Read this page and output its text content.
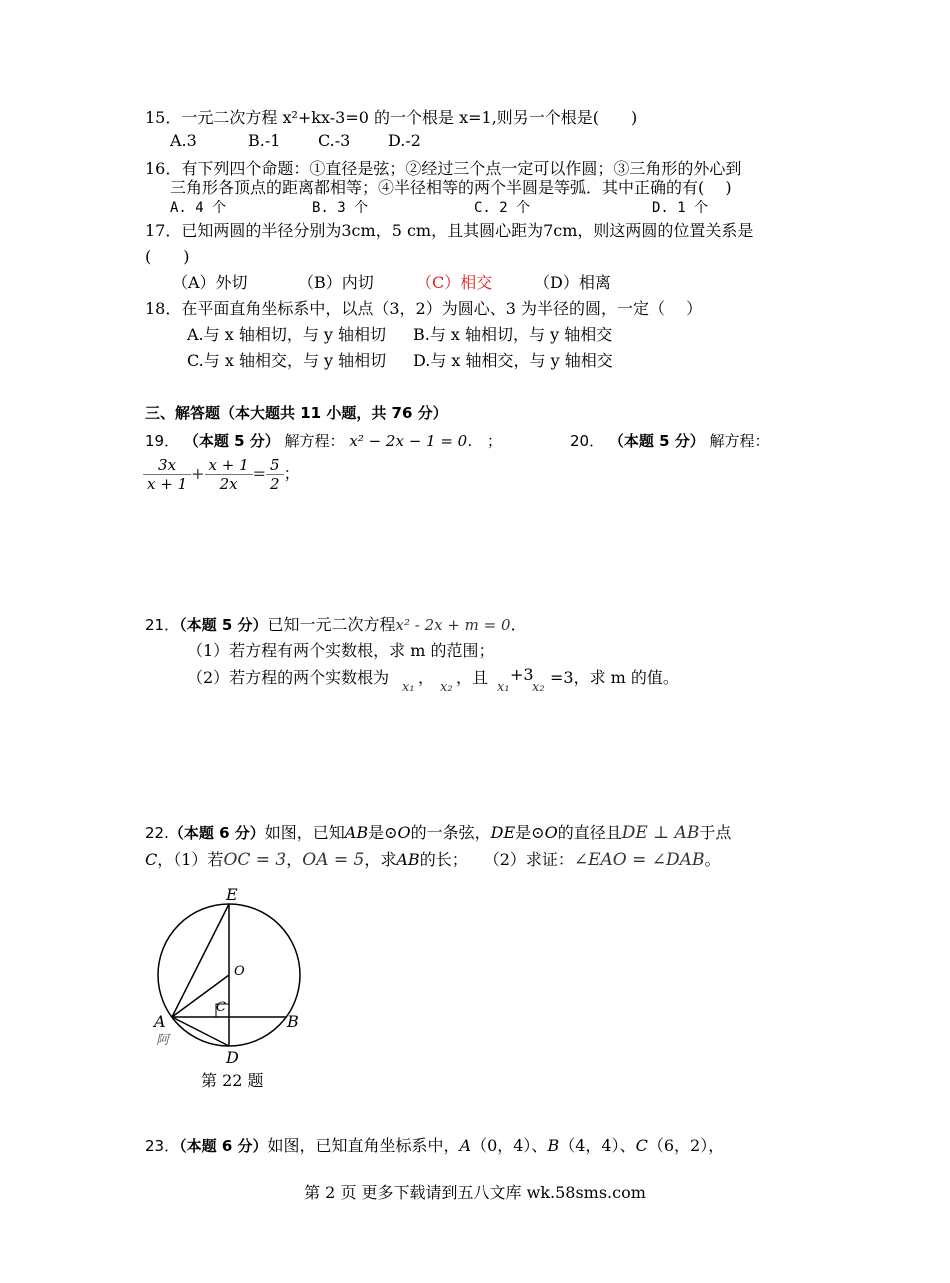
15．一元二次方程 x²+kx-3=0 的一个根是 x=1,则另一个根是(　　)
A.3	B.-1 C.-3 D.-2
16．有下列四个命题：①直径是弦；②经过三个点一定可以作圆；③三角形的外心到
三角形各顶点的距离都相等；④半径相等的两个半圆是等弧．其中正确的有(　 )
A. 4 个	B. 3 个	C. 2 个	D. 1 个
17．已知两圆的半径分别为3cm，5 cm，且其圆心距为7cm，则这两圆的位置关系是
(　　)
（A）外切	（B）内切	（C）相交	（D）相离
18．在平面直角坐标系中，以点（3，2）为圆心、3 为半径的圆，一定（　 ）
A.与 x 轴相切，与 y 轴相切 B.与 x 轴相切，与 y 轴相交
C.与 x 轴相交，与 y 轴相切 D.与 x 轴相交，与 y 轴相交
三、解答题（本大题共 11 小题，共 76 分）
19． （本题 5 分） 解方程： x² − 2x − 1 = 0． ；	20． （本题 5 分） 解方程：
$\frac{3x}{x + 1} + \frac{x + 1}{2x} = \frac{5}{2}$ ；
21．（本题 5 分）已知一元二次方程x² - 2x + m = 0．
（1）若方程有两个实数根，求 m 的范围；
（2）若方程的两个实数根为
x₁
，
x₂
，且
x₁
+3
x₂
=3，求 m 的值。
22.（本题 6 分）如图，已知AB是⊙O的一条弦，DE是⊙O的直径且DE ⊥ AB于点
C，（1）若OC = 3，OA = 5，求AB的长；　　（2）求证：∠EAO = ∠DAB。
E
O
C
A	B
D
阿
第 22 题
23．（本题 6 分）如图，已知直角坐标系中，A（0，4）、B（4，4）、C（6，2），
第 2 页 更多下载请到五八文库 wk.58sms.com
